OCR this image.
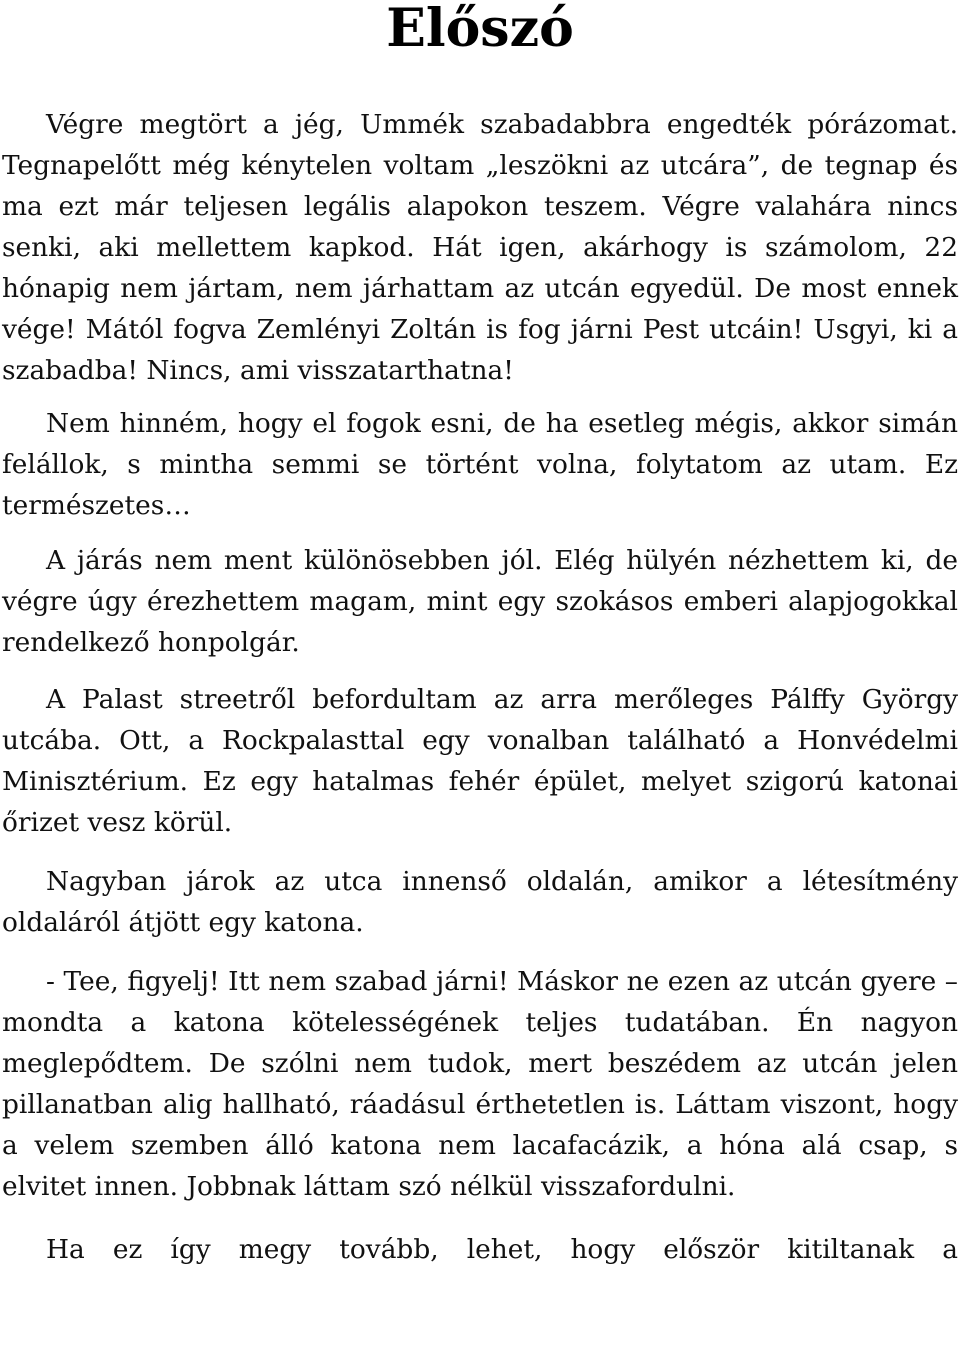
Előszó

Végre megtört a jég, Ummék szabadabbra engedték pórázomat. Tegnapelőtt még kénytelen voltam „leszökni az utcára”, de tegnap és ma ezt már teljesen legális alapokon teszem. Végre valahára nincs senki, aki mellettem kapkod. Hát igen, akárhogy is számolom, 22 hónapig nem jártam, nem járhattam az utcán egyedül. De most ennek vége! Mától fogva Zemlényi Zoltán is fog járni Pest utcáin! Usgyi, ki a szabadba! Nincs, ami visszatarthatna!

Nem hinném, hogy el fogok esni, de ha esetleg mégis, akkor simán felállok, s mintha semmi se történt volna, folytatom az utam. Ez természetes…

A járás nem ment különösebben jól. Elég hülyén nézhettem ki, de végre úgy érezhettem magam, mint egy szokásos emberi alapjogokkal rendelkező honpolgár.

A Palast streetről befordultam az arra merőleges Pálffy György utcába. Ott, a Rockpalasttal egy vonalban található a Honvédelmi Minisztérium. Ez egy hatalmas fehér épület, melyet szigorú katonai őrizet vesz körül.

Nagyban járok az utca innenső oldalán, amikor a létesítmény oldaláról átjött egy katona.

- Tee, figyelj! Itt nem szabad járni! Máskor ne ezen az utcán gyere – mondta a katona kötelességének teljes tudatában. Én nagyon meglepődtem. De szólni nem tudok, mert beszédem az utcán jelen pillanatban alig hallható, ráadásul érthetetlen is. Láttam viszont, hogy a velem szemben álló katona nem lacafacázik, a hóna alá csap, s elvitet innen. Jobbnak láttam szó nélkül visszafordulni.

Ha ez így megy tovább, lehet, hogy először kitiltanak a
